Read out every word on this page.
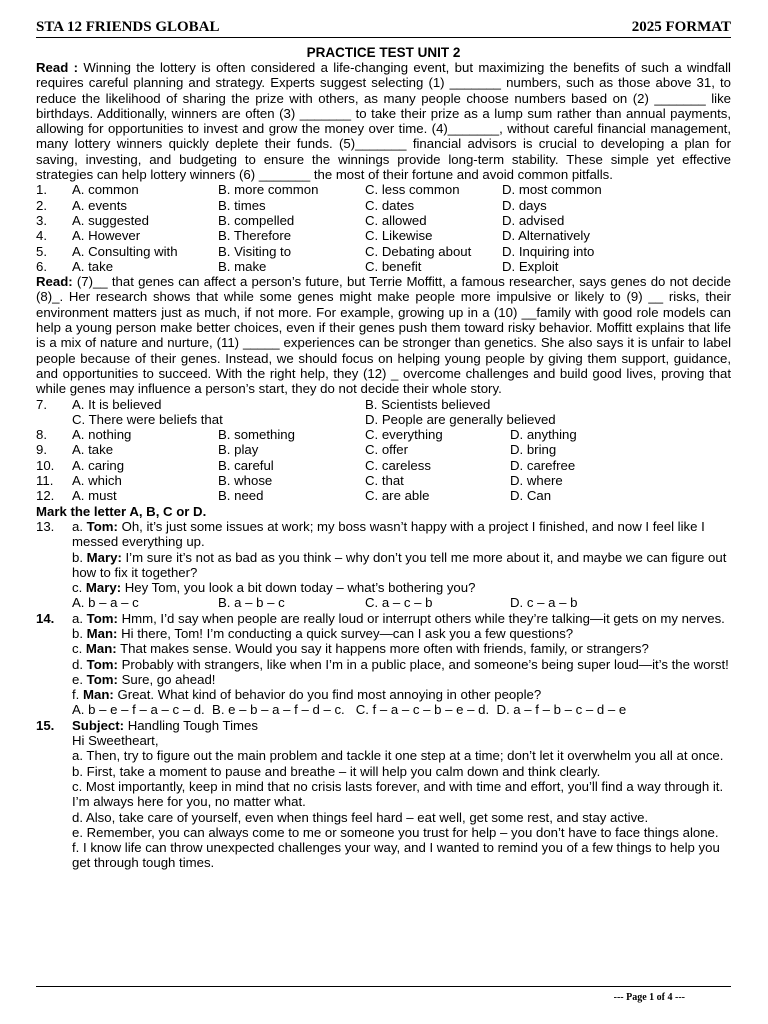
STA 12 FRIENDS GLOBAL	2025 FORMAT
PRACTICE TEST UNIT 2
Read : Winning the lottery is often considered a life-changing event, but maximizing the benefits of such a windfall requires careful planning and strategy. Experts suggest selecting (1) _______ numbers, such as those above 31, to reduce the likelihood of sharing the prize with others, as many people choose numbers based on (2) _______ like birthdays. Additionally, winners are often (3) _______ to take their prize as a lump sum rather than annual payments, allowing for opportunities to invest and grow the money over time. (4)_______, without careful financial management, many lottery winners quickly deplete their funds. (5)_______ financial advisors is crucial to developing a plan for saving, investing, and budgeting to ensure the winnings provide long-term stability. These simple yet effective strategies can help lottery winners (6) _______ the most of their fortune and avoid common pitfalls.
1.	A. common	B. more common	C. less common	D. most common
2.	A. events	B. times	C. dates	D. days
3.	A. suggested	B. compelled	C. allowed	D. advised
4.	A. However	B. Therefore	C. Likewise	D. Alternatively
5.	A. Consulting with	B. Visiting to	C. Debating about	D. Inquiring into
6.	A. take	B. make	C. benefit	D. Exploit
Read: (7)__ that genes can affect a person’s future, but Terrie Moffitt, a famous researcher, says genes do not decide (8)_. Her research shows that while some genes might make people more impulsive or likely to (9) __ risks, their environment matters just as much, if not more. For example, growing up in a (10) __family with good role models can help a young person make better choices, even if their genes push them toward risky behavior. Moffitt explains that life is a mix of nature and nurture, (11) _____ experiences can be stronger than genetics. She also says it is unfair to label people because of their genes. Instead, we should focus on helping young people by giving them support, guidance, and opportunities to succeed. With the right help, they (12) _ overcome challenges and build good lives, proving that while genes may influence a person’s start, they do not decide their whole story.
7.	A. It is believed	B. Scientists believed
C. There were beliefs that	D. People are generally believed
8.	A. nothing	B. something	C. everything	D. anything
9.	A. take	B. play	C. offer	D. bring
10.	A. caring	B. careful	C. careless	D. carefree
11.	A. which	B. whose	C. that	D. where
12.	A. must	B. need	C. are able	D. Can
Mark the letter A, B, C or D.
13.	a. Tom: Oh, it’s just some issues at work; my boss wasn’t happy with a project I finished, and now I feel like I messed everything up.
b. Mary: I’m sure it’s not as bad as you think – why don’t you tell me more about it, and maybe we can figure out how to fix it together?
c. Mary: Hey Tom, you look a bit down today – what’s bothering you?
A. b – a – c	B. a – b – c	C. a – c – b	D. c – a – b
14.	a. Tom: Hmm, I’d say when people are really loud or interrupt others while they’re talking—it gets on my nerves.
b. Man: Hi there, Tom! I’m conducting a quick survey—can I ask you a few questions?
c. Man: That makes sense. Would you say it happens more often with friends, family, or strangers?
d. Tom: Probably with strangers, like when I’m in a public place, and someone’s being super loud—it’s the worst!
e. Tom: Sure, go ahead!
f. Man: Great. What kind of behavior do you find most annoying in other people?
A. b – e – f – a – c – d.  B. e – b – a – f – d – c.   C. f – a – c – b – e – d.  D. a – f – b – c – d – e
15.	Subject: Handling Tough Times
Hi Sweetheart,
a. Then, try to figure out the main problem and tackle it one step at a time; don’t let it overwhelm you all at once.
b. First, take a moment to pause and breathe – it will help you calm down and think clearly.
c. Most importantly, keep in mind that no crisis lasts forever, and with time and effort, you’ll find a way through it. I’m always here for you, no matter what.
d. Also, take care of yourself, even when things feel hard – eat well, get some rest, and stay active.
e. Remember, you can always come to me or someone you trust for help – you don’t have to face things alone.
f. I know life can throw unexpected challenges your way, and I wanted to remind you of a few things to help you get through tough times.
--- Page 1 of 4 ---
